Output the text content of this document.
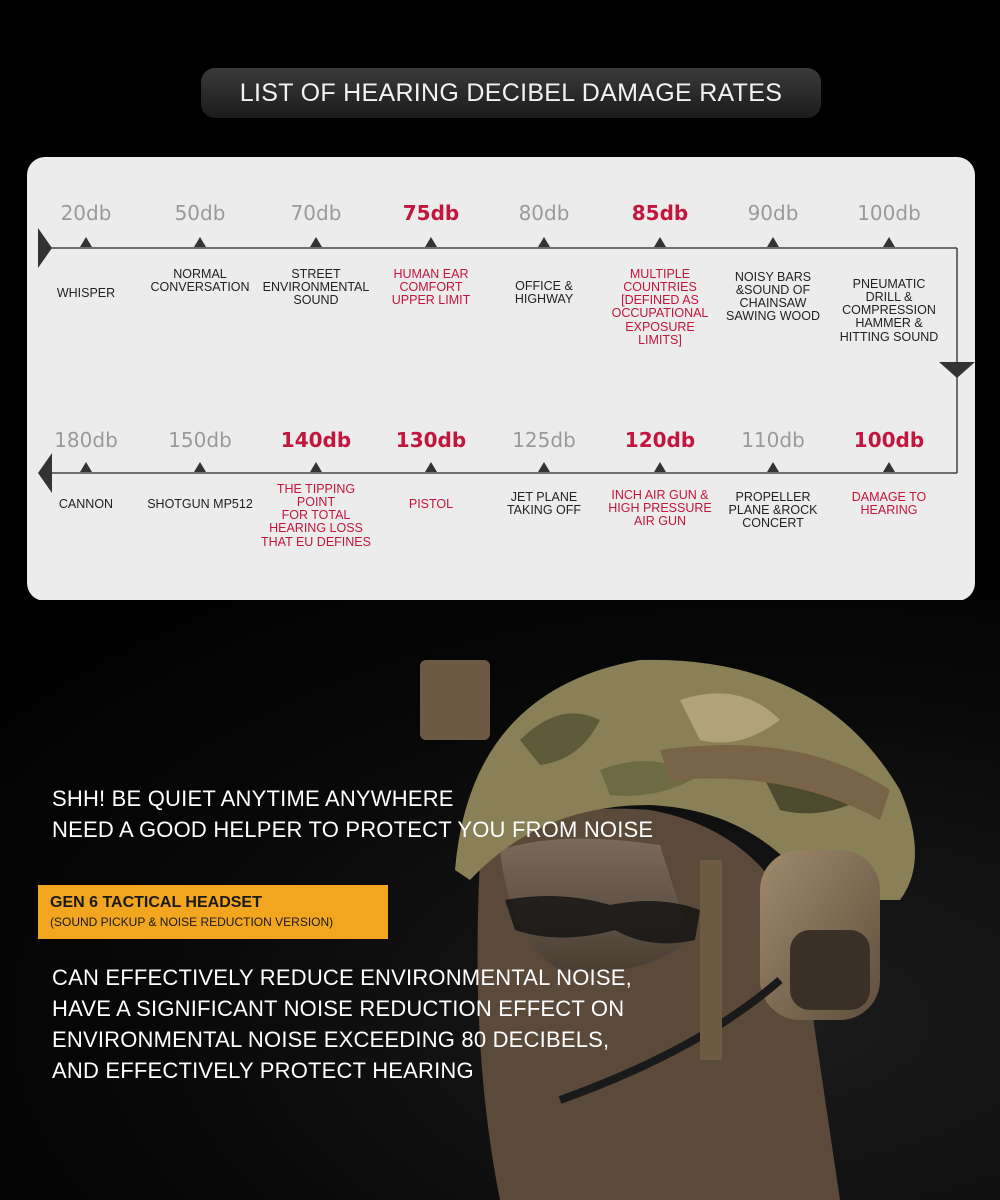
LIST OF HEARING DECIBEL DAMAGE RATES
20db
WHISPER
50db
NORMAL
CONVERSATION
70db
STREET
ENVIRONMENTAL
SOUND
75db
HUMAN EAR
COMFORT
UPPER LIMIT
80db
OFFICE &
HIGHWAY
85db
MULTIPLE
COUNTRIES
[DEFINED AS
OCCUPATIONAL
EXPOSURE
LIMITS]
90db
NOISY BARS
&SOUND OF
CHAINSAW
SAWING WOOD
100db
PNEUMATIC
DRILL &
COMPRESSION
HAMMER &
HITTING SOUND
180db
CANNON
150db
SHOTGUN MP512
140db
THE TIPPING
POINT
FOR TOTAL
HEARING LOSS
THAT EU DEFINES
130db
PISTOL
125db
JET PLANE
TAKING OFF
120db
INCH AIR GUN &
HIGH PRESSURE
AIR GUN
110db
PROPELLER
PLANE &ROCK
CONCERT
100db
DAMAGE TO
HEARING
SHH! BE QUIET ANYTIME ANYWHERE
NEED A GOOD HELPER TO PROTECT YOU FROM NOISE
GEN 6 TACTICAL HEADSET
(SOUND PICKUP & NOISE REDUCTION VERSION)
CAN EFFECTIVELY REDUCE ENVIRONMENTAL NOISE,
HAVE A SIGNIFICANT NOISE REDUCTION EFFECT ON
ENVIRONMENTAL NOISE EXCEEDING 80 DECIBELS,
AND EFFECTIVELY PROTECT HEARING
